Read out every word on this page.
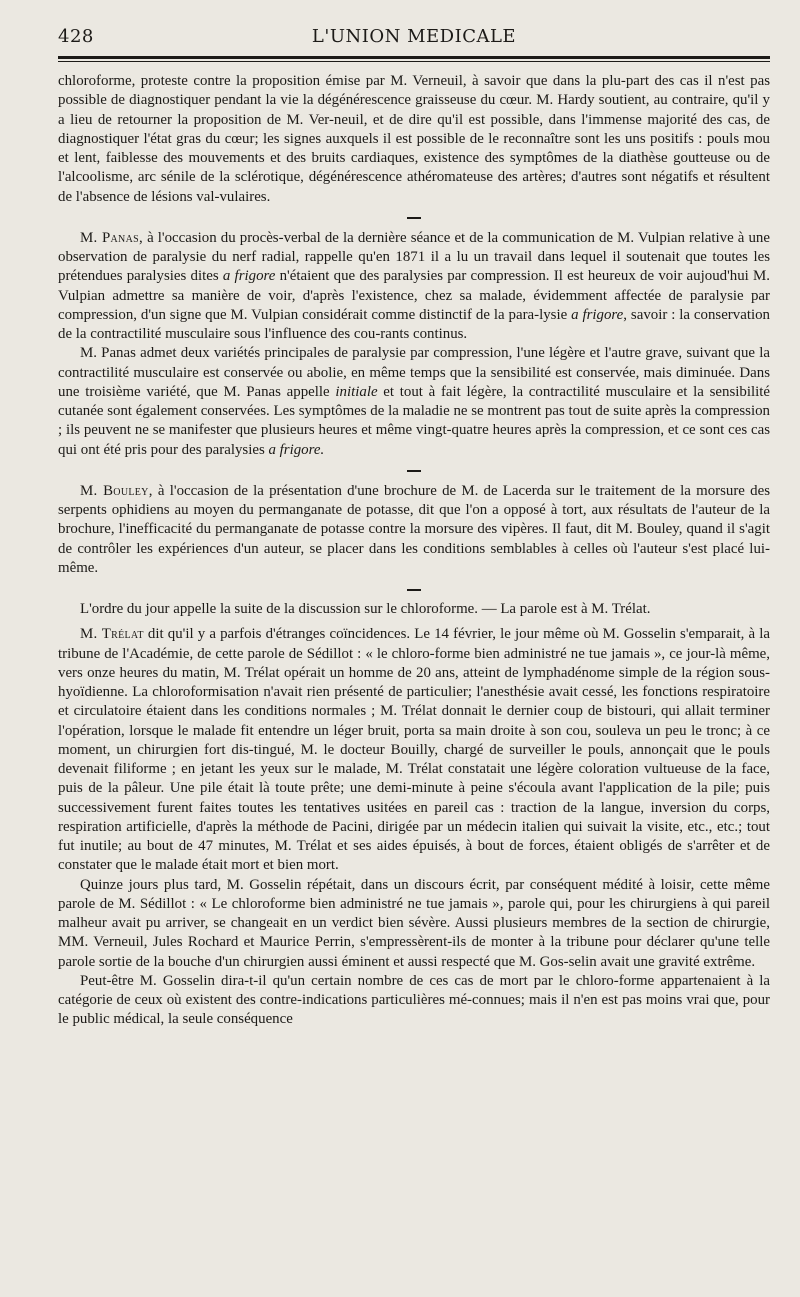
428	L'UNION MEDICALE

chloroforme, proteste contre la proposition émise par M. Verneuil, à savoir que dans la plu-part des cas il n'est pas possible de diagnostiquer pendant la vie la dégénérescence graisseuse du cœur. M. Hardy soutient, au contraire, qu'il y a lieu de retourner la proposition de M. Ver-neuil, et de dire qu'il est possible, dans l'immense majorité des cas, de diagnostiquer l'état gras du cœur; les signes auxquels il est possible de le reconnaître sont les uns positifs : pouls mou et lent, faiblesse des mouvements et des bruits cardiaques, existence des symptômes de la diathèse goutteuse ou de l'alcoolisme, arc sénile de la sclérotique, dégénérescence athéromateuse des artères; d'autres sont négatifs et résultent de l'absence de lésions val-vulaires.

M. Panas, à l'occasion du procès-verbal de la dernière séance et de la communication de M. Vulpian relative à une observation de paralysie du nerf radial, rappelle qu'en 1871 il a lu un travail dans lequel il soutenait que toutes les prétendues paralysies dites a frigore n'étaient que des paralysies par compression. Il est heureux de voir aujoud'hui M. Vulpian admettre sa manière de voir, d'après l'existence, chez sa malade, évidemment affectée de paralysie par compression, d'un signe que M. Vulpian considérait comme distinctif de la para-lysie a frigore, savoir : la conservation de la contractilité musculaire sous l'influence des cou-rants continus.

M. Panas admet deux variétés principales de paralysie par compression, l'une légère et l'autre grave, suivant que la contractilité musculaire est conservée ou abolie, en même temps que la sensibilité est conservée, mais diminuée. Dans une troisième variété, que M. Panas appelle initiale et tout à fait légère, la contractilité musculaire et la sensibilité cutanée sont également conservées. Les symptômes de la maladie ne se montrent pas tout de suite après la compression ; ils peuvent ne se manifester que plusieurs heures et même vingt-quatre heures après la compression, et ce sont ces cas qui ont été pris pour des paralysies a frigore.

M. Bouley, à l'occasion de la présentation d'une brochure de M. de Lacerda sur le traitement de la morsure des serpents ophidiens au moyen du permanganate de potasse, dit que l'on a opposé à tort, aux résultats de l'auteur de la brochure, l'inefficacité du permanganate de potasse contre la morsure des vipères. Il faut, dit M. Bouley, quand il s'agit de contrôler les expériences d'un auteur, se placer dans les conditions semblables à celles où l'auteur s'est placé lui-même.

L'ordre du jour appelle la suite de la discussion sur le chloroforme. — La parole est à M. Trélat.

M. Trélat dit qu'il y a parfois d'étranges coïncidences. Le 14 février, le jour même où M. Gosselin s'emparait, à la tribune de l'Académie, de cette parole de Sédillot : « le chloro-forme bien administré ne tue jamais », ce jour-là même, vers onze heures du matin, M. Trélat opérait un homme de 20 ans, atteint de lymphadénome simple de la région sous-hyoïdienne. La chloroformisation n'avait rien présenté de particulier; l'anesthésie avait cessé, les fonctions respiratoire et circulatoire étaient dans les conditions normales ; M. Trélat donnait le dernier coup de bistouri, qui allait terminer l'opération, lorsque le malade fit entendre un léger bruit, porta sa main droite à son cou, souleva un peu le tronc; à ce moment, un chirurgien fort dis-tingué, M. le docteur Bouilly, chargé de surveiller le pouls, annonçait que le pouls devenait filiforme ; en jetant les yeux sur le malade, M. Trélat constatait une légère coloration vultueuse de la face, puis de la pâleur. Une pile était là toute prête; une demi-minute à peine s'écoula avant l'application de la pile; puis successivement furent faites toutes les tentatives usitées en pareil cas : traction de la langue, inversion du corps, respiration artificielle, d'après la méthode de Pacini, dirigée par un médecin italien qui suivait la visite, etc., etc.; tout fut inutile; au bout de 47 minutes, M. Trélat et ses aides épuisés, à bout de forces, étaient obligés de s'arrêter et de constater que le malade était mort et bien mort.

Quinze jours plus tard, M. Gosselin répétait, dans un discours écrit, par conséquent médité à loisir, cette même parole de M. Sédillot : « Le chloroforme bien administré ne tue jamais », parole qui, pour les chirurgiens à qui pareil malheur avait pu arriver, se changeait en un verdict bien sévère. Aussi plusieurs membres de la section de chirurgie, MM. Verneuil, Jules Rochard et Maurice Perrin, s'empressèrent-ils de monter à la tribune pour déclarer qu'une telle parole sortie de la bouche d'un chirurgien aussi éminent et aussi respecté que M. Gos-selin avait une gravité extrême.

Peut-être M. Gosselin dira-t-il qu'un certain nombre de ces cas de mort par le chloro-forme appartenaient à la catégorie de ceux où existent des contre-indications particulières mé-connues; mais il n'en est pas moins vrai que, pour le public médical, la seule conséquence
